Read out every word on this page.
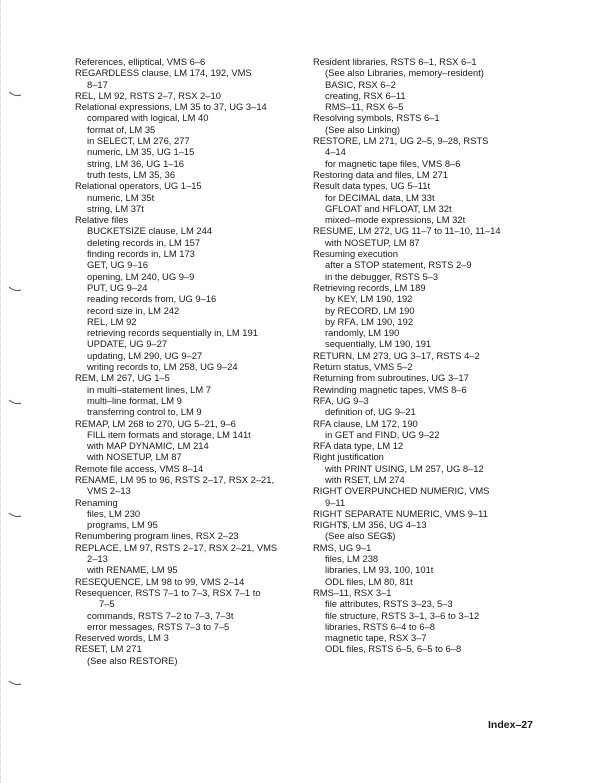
References, elliptical, VMS 6–6
REGARDLESS clause, LM 174, 192, VMS
8–17
REL, LM 92, RSTS 2–7, RSX 2–10
Relational expressions, LM 35 to 37, UG 3–14
compared with logical, LM 40
format of, LM 35
in SELECT, LM 276, 277
numeric, LM 35, UG 1–15
string, LM 36, UG 1–16
truth tests, LM 35, 36
Relational operators, UG 1–15
numeric, LM 35t
string, LM 37t
Relative files
BUCKETSIZE clause, LM 244
deleting records in, LM 157
finding records in, LM 173
GET, UG 9–16
opening, LM 240, UG 9–9
PUT, UG 9–24
reading records from, UG 9–16
record size in, LM 242
REL, LM 92
retrieving records sequentially in, LM 191
UPDATE, UG 9–27
updating, LM 290, UG 9–27
writing records to, LM 258, UG 9–24
REM, LM 267, UG 1–5
in multi–statement lines, LM 7
multi–line format, LM 9
transferring control to, LM 9
REMAP, LM 268 to 270, UG 5–21, 9–6
FILL item formats and storage, LM 141t
with MAP DYNAMIC, LM 214
with NOSETUP, LM 87
Remote file access, VMS 8–14
RENAME, LM 95 to 96, RSTS 2–17, RSX 2–21,
VMS 2–13
Renaming
files, LM 230
programs, LM 95
Renumbering program lines, RSX 2–23
REPLACE, LM 97, RSTS 2–17, RSX 2–21, VMS
2–13
with RENAME, LM 95
RESEQUENCE, LM 98 to 99, VMS 2–14
Resequencer, RSTS 7–1 to 7–3, RSX 7–1 to
7–5
commands, RSTS 7–2 to 7–3, 7–3t
error messages, RSTS 7–3 to 7–5
Reserved words, LM 3
RESET, LM 271
(See also RESTORE)
Resident libraries, RSTS 6–1, RSX 6–1
(See also Libraries, memory–resident)
BASIC, RSX 6–2
creating, RSX 6–11
RMS–11, RSX 6–5
Resolving symbols, RSTS 6–1
(See also Linking)
RESTORE, LM 271, UG 2–5, 9–28, RSTS
4–14
for magnetic tape files, VMS 8–6
Restoring data and files, LM 271
Result data types, UG 5–11t
for DECIMAL data, LM 33t
GFLOAT and HFLOAT, LM 32t
mixed–mode expressions, LM 32t
RESUME, LM 272, UG 11–7 to 11–10, 11–14
with NOSETUP, LM 87
Resuming execution
after a STOP statement, RSTS 2–9
in the debugger, RSTS 5–3
Retrieving records, LM 189
by KEY, LM 190, 192
by RECORD, LM 190
by RFA, LM 190, 192
randomly, LM 190
sequentially, LM 190, 191
RETURN, LM 273, UG 3–17, RSTS 4–2
Return status, VMS 5–2
Returning from subroutines, UG 3–17
Rewinding magnetic tapes, VMS 8–6
RFA, UG 9–3
definition of, UG 9–21
RFA clause, LM 172, 190
in GET and FIND, UG 9–22
RFA data type, LM 12
Right justification
with PRINT USING, LM 257, UG 8–12
with RSET, LM 274
RIGHT OVERPUNCHED NUMERIC, VMS
9–11
RIGHT SEPARATE NUMERIC, VMS 9–11
RIGHT$, LM 356, UG 4–13
(See also SEG$)
RMS, UG 9–1
files, LM 238
libraries, LM 93, 100, 101t
ODL files, LM 80, 81t
RMS–11, RSX 3–1
file attributes, RSTS 3–23, 5–3
file structure, RSTS 3–1, 3–6 to 3–12
libraries, RSTS 6–4 to 6–8
magnetic tape, RSX 3–7
ODL files, RSTS 6–5, 6–5 to 6–8
Index–27
